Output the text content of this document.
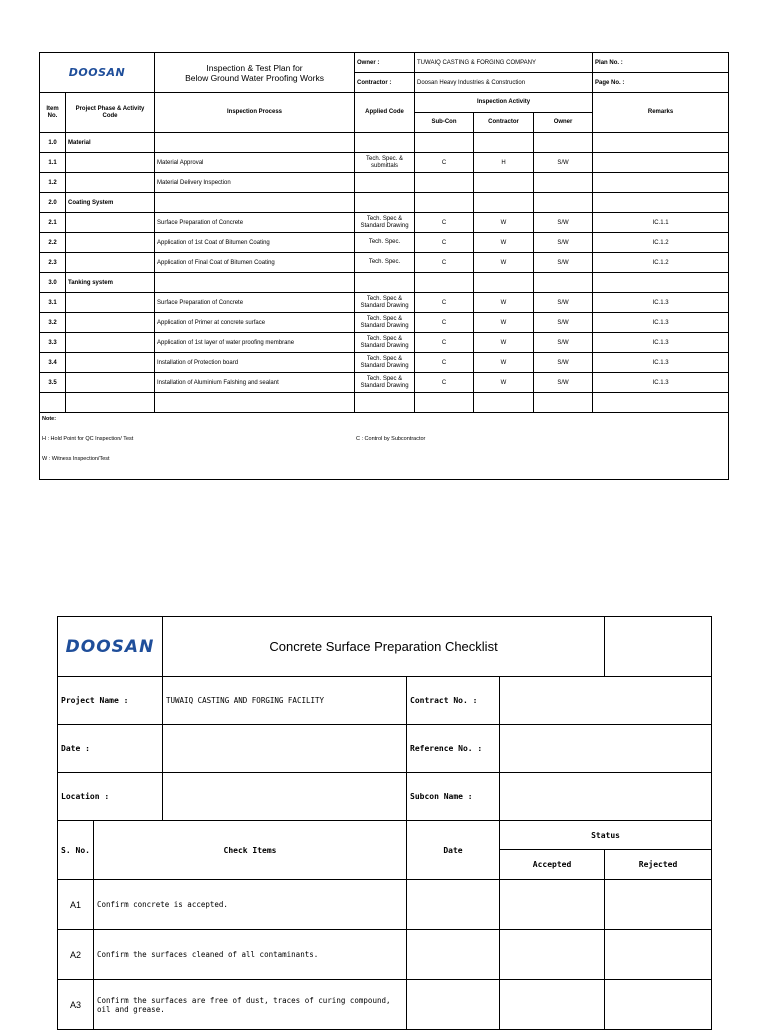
DOOSAN		Inspection & Test Plan for
Below Ground Water Proofing Works	Owner :	TUWAIQ CASTING & FORGING COMPANY			Plan No. :
			Contractor :	Doosan Heavy Industries & Construction			Page No. :
Item No.	Project Phase & Activity Code	Inspection Process	Applied Code	Inspection Activity			Remarks
				Sub-Con	Contractor	Owner	
1.0	Material						
1.1		Material Approval	Tech. Spec. & submittals	C	H	S/W	
1.2		Material Delivery Inspection					
2.0	Coating System						
2.1		Surface Preparation of Concrete	Tech. Spec & Standard Drawing	C	W	S/W	IC.1.1
2.2		Application of 1st Coat of Bitumen Coating	Tech. Spec.	C	W	S/W	IC.1.2
2.3		Application of Final Coat of Bitumen Coating	Tech. Spec.	C	W	S/W	IC.1.2
3.0	Tanking system						
3.1		Surface Preparation of Concrete	Tech. Spec & Standard Drawing	C	W	S/W	IC.1.3
3.2		Application of Primer at concrete surface	Tech. Spec & Standard Drawing	C	W	S/W	IC.1.3
3.3		Application of 1st layer of water proofing membrane	Tech. Spec & Standard Drawing	C	W	S/W	IC.1.3
3.4		Installation of Protection board	Tech. Spec & Standard Drawing	C	W	S/W	IC.1.3
3.5		Installation of Aluminium Falshing and sealant	Tech. Spec & Standard Drawing	C	W	S/W	IC.1.3

Note:
H : Hold Point for QC Inspection/ Test C : Control by Subcontractor
W : Witness Inspection/Test							
DOOSAN		Concrete Surface Preparation Checklist			
Project Name :		TUWAIQ CASTING AND FORGING FACILITY	Contract No. :		
Date :			Reference No. :		
Location :			Subcon Name :		
S. No.	Check Items		Date	Status	
				Accepted	Rejected
A1	Confirm concrete is accepted.				
A2	Confirm the surfaces cleaned of all contaminants.				
A3	Confirm the surfaces are free of dust, traces of curing compound, oil and grease.				
